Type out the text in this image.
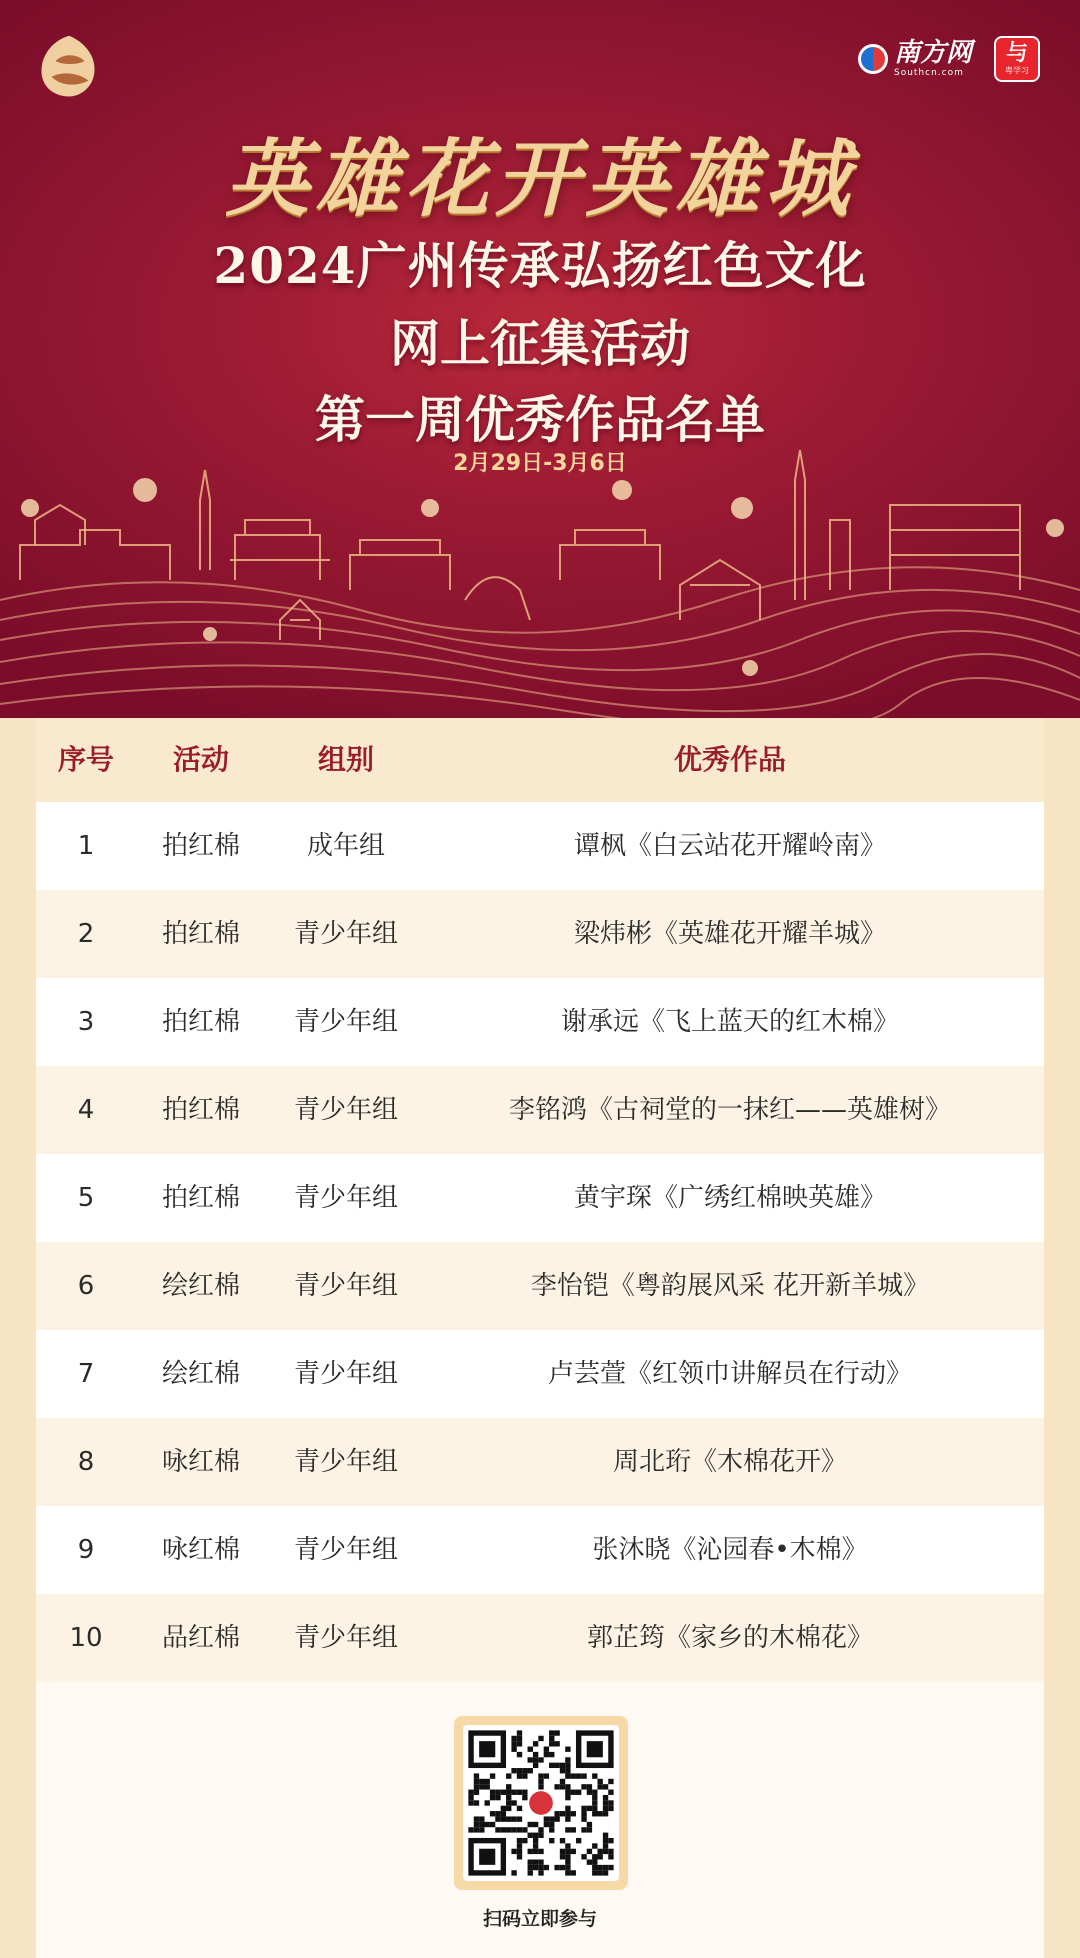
南方网
Southcn.com
与
粤学习
英雄花开英雄城
2024广州传承弘扬红色文化
网上征集活动
第一周优秀作品名单
2月29日-3月6日
序号	活动	组别	优秀作品
1	拍红棉	成年组	谭枫《白云站花开耀岭南》
2	拍红棉	青少年组	梁炜彬《英雄花开耀羊城》
3	拍红棉	青少年组	谢承远《飞上蓝天的红木棉》
4	拍红棉	青少年组	李铭鸿《古祠堂的一抹红——英雄树》
5	拍红棉	青少年组	黄宇琛《广绣红棉映英雄》
6	绘红棉	青少年组	李怡铠《粤韵展风采 花开新羊城》
7	绘红棉	青少年组	卢芸萱《红领巾讲解员在行动》
8	咏红棉	青少年组	周北珩《木棉花开》
9	咏红棉	青少年组	张沐晓《沁园春•木棉》
10	品红棉	青少年组	郭芷筠《家乡的木棉花》
扫码立即参与
